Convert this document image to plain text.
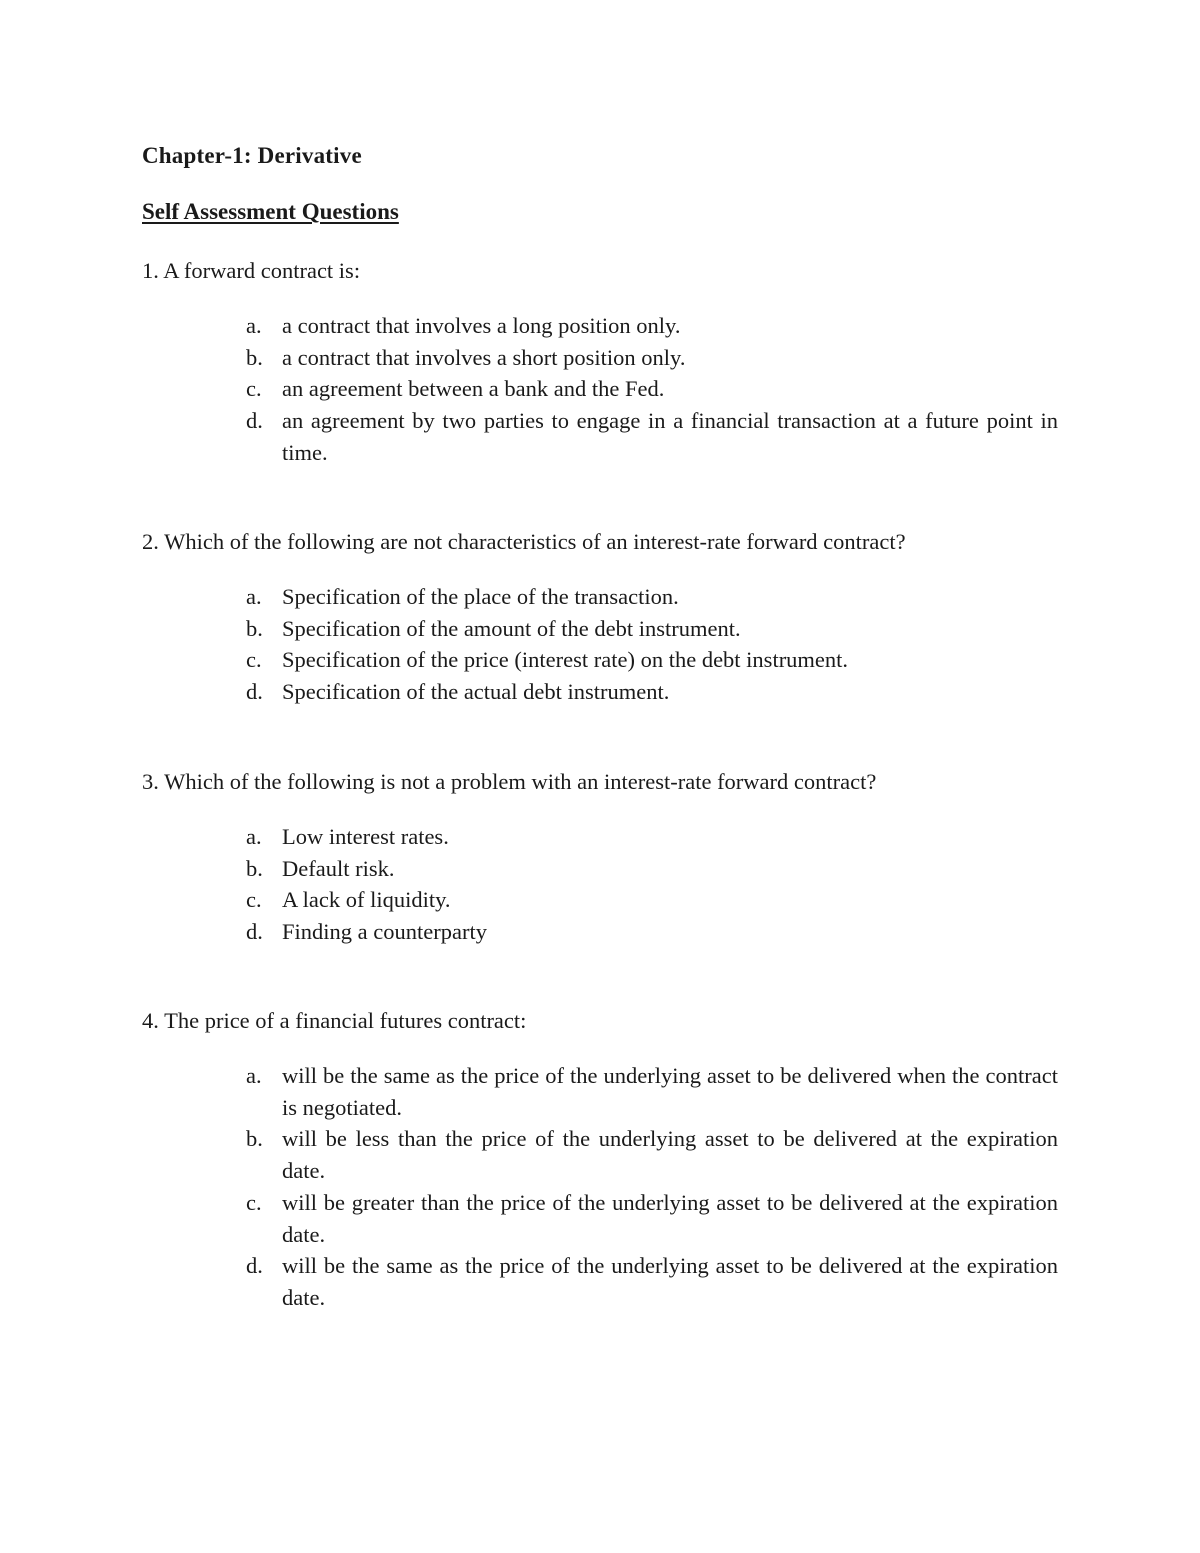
Chapter-1: Derivative
Self Assessment Questions
1. A forward contract is:
a. a contract that involves a long position only.
b. a contract that involves a short position only.
c. an agreement between a bank and the Fed.
d. an agreement by two parties to engage in a financial transaction at a future point in time.
2. Which of the following are not characteristics of an interest-rate forward contract?
a. Specification of the place of the transaction.
b. Specification of the amount of the debt instrument.
c. Specification of the price (interest rate) on the debt instrument.
d. Specification of the actual debt instrument.
3. Which of the following is not a problem with an interest-rate forward contract?
a. Low interest rates.
b. Default risk.
c. A lack of liquidity.
d. Finding a counterparty
4. The price of a financial futures contract:
a. will be the same as the price of the underlying asset to be delivered when the contract is negotiated.
b. will be less than the price of the underlying asset to be delivered at the expiration date.
c. will be greater than the price of the underlying asset to be delivered at the expiration date.
d. will be the same as the price of the underlying asset to be delivered at the expiration date.
